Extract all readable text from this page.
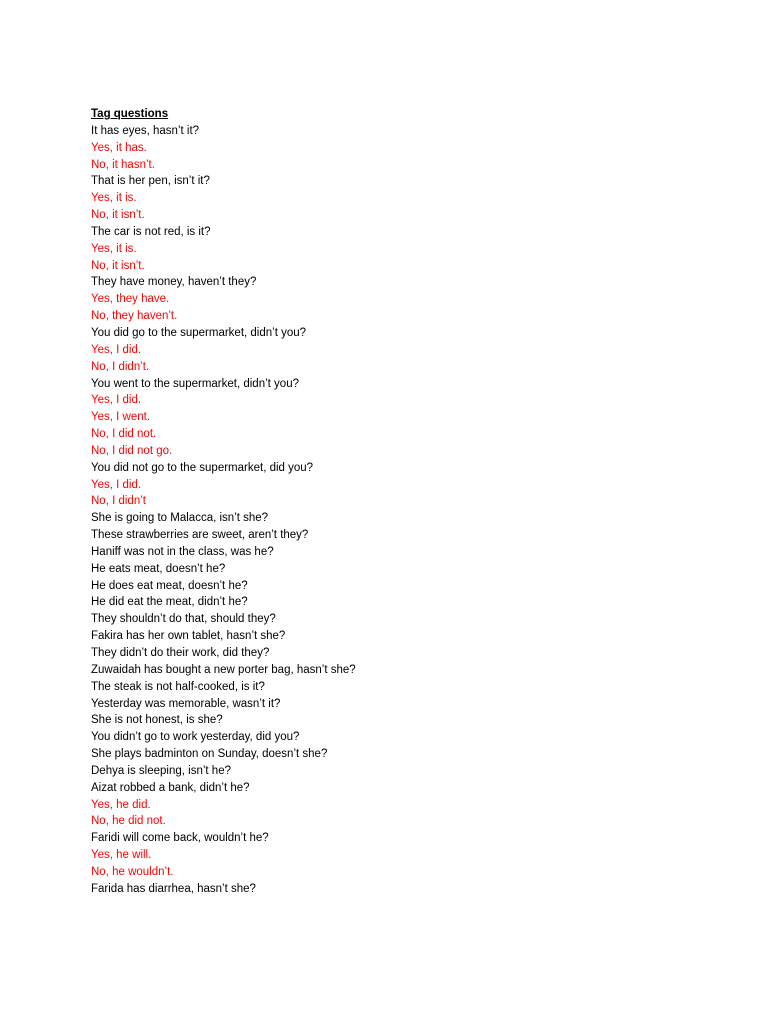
Tag questions
It has eyes, hasn’t it?
Yes, it has.
No, it hasn’t.
That is her pen, isn’t it?
Yes, it is.
No, it isn’t.
The car is not red, is it?
Yes, it is.
No, it isn’t.
They have money, haven’t they?
Yes, they have.
No, they haven’t.
You did go to the supermarket, didn’t you?
Yes, I did.
No, I didn’t.
You went to the supermarket, didn’t you?
Yes, I did.
Yes, I went.
No, I did not.
No, I did not go.
You did not go to the supermarket, did you?
Yes, I did.
No, I didn’t
She is going to Malacca, isn’t she?
These strawberries are sweet, aren’t they?
Haniff was not in the class, was he?
He eats meat, doesn’t he?
He does eat meat, doesn’t he?
He did eat the meat, didn’t he?
They shouldn’t do that, should they?
Fakira has her own tablet, hasn’t she?
They didn’t do their work, did they?
Zuwaidah has bought a new porter bag, hasn’t she?
The steak is not half-cooked, is it?
Yesterday was memorable, wasn’t it?
She is not honest, is she?
You didn’t go to work yesterday, did you?
She plays badminton on Sunday, doesn’t she?
Dehya is sleeping, isn’t he?
Aizat robbed a bank, didn’t he?
Yes, he did.
No, he did not.
Faridi will come back, wouldn’t he?
Yes, he will.
No, he wouldn’t.
Farida has diarrhea, hasn’t she?
